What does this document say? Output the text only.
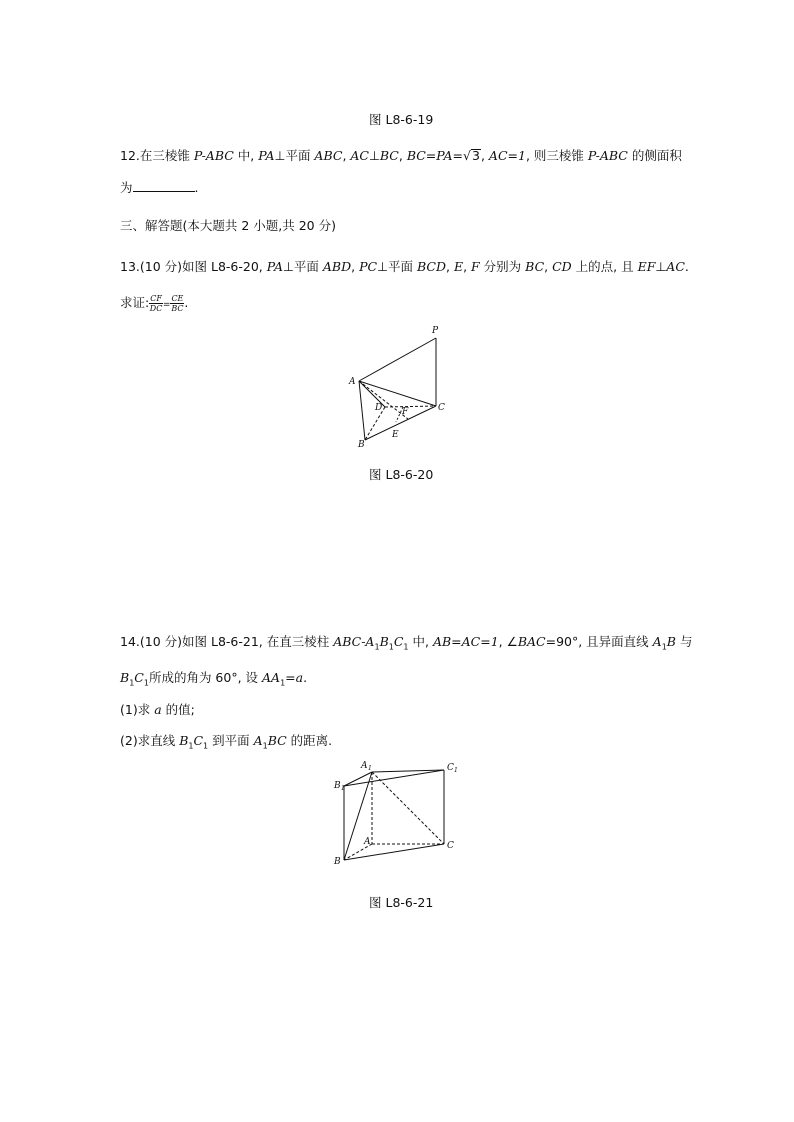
图 L8-6-19
12.在三棱锥 P-ABC 中, PA⊥平面 ABC, AC⊥BC, BC=PA=√3, AC=1, 则三棱锥 P-ABC 的侧面积
为	.
三、解答题(本大题共 2 小题,共 20 分)
13.(10 分)如图 L8-6-20, PA⊥平面 ABD, PC⊥平面 BCD, E, F 分别为 BC, CD 上的点, 且 EF⊥AC.
求证: $\frac{CF}{DC} = \frac{CE}{BC}$ .
P
A
D F	C
E
B
图 L8-6-20
14.(10 分)如图 L8-6-21, 在直三棱柱 ABC-$A_1B_1C_1$ 中, AB=AC=1, ∠BAC=90°, 且异面直线 $A_1B$ 与
$B_1C_1$所成的角为 60°, 设 $AA_1=a$.
(1)求 a 的值;
(2)求直线 $B_1C_1$ 到平面 $A_1BC$ 的距离.
A 1	C 1
B 1
A	C
B
图 L8-6-21
